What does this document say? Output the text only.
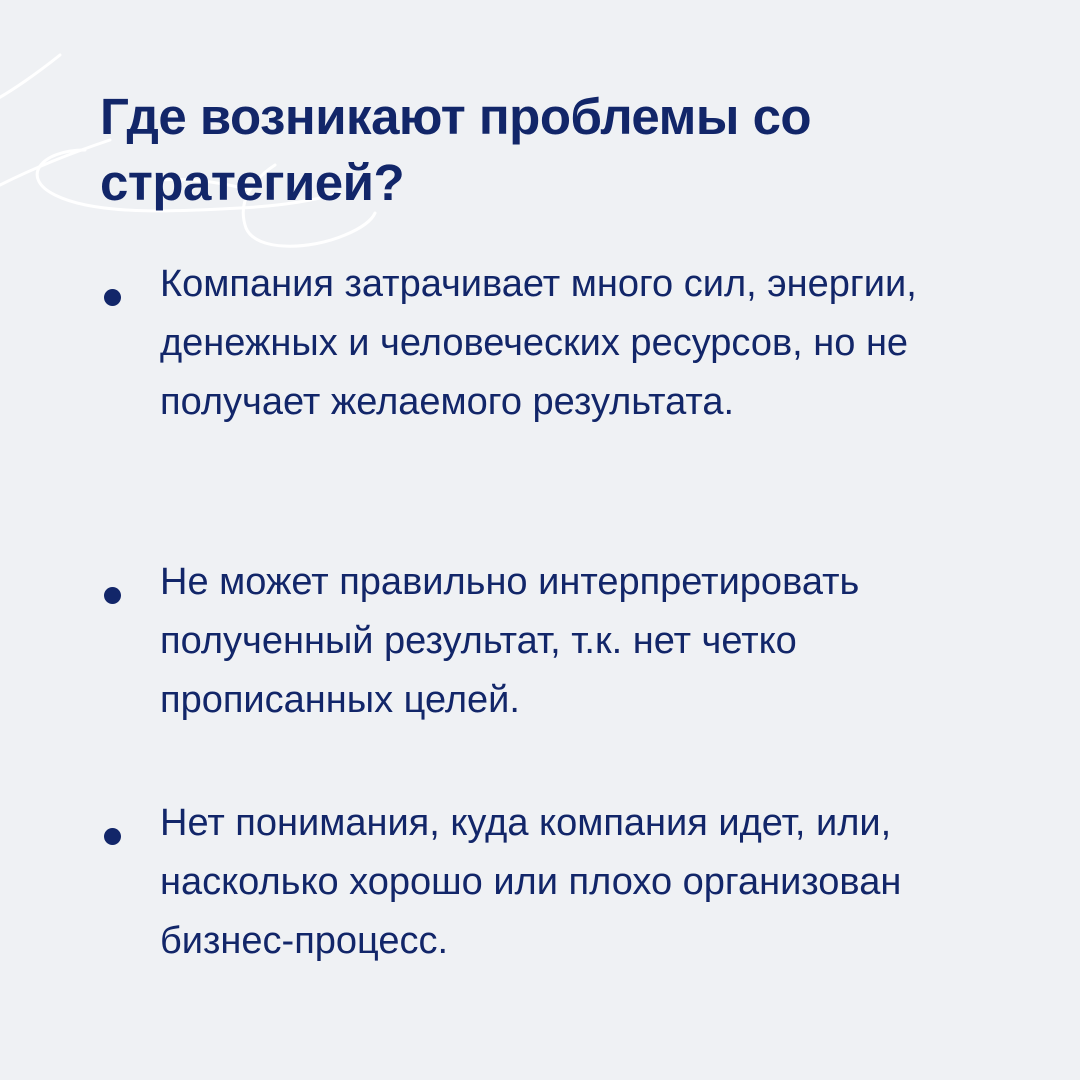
Где возникают проблемы со стратегией?

Компания затрачивает много сил, энергии, денежных и человеческих ресурсов, но не получает желаемого результата.

Не может правильно интерпретировать полученный результат, т.к. нет четко прописанных целей.

Нет понимания, куда компания идет, или, насколько хорошо или плохо организован бизнес-процесс.
